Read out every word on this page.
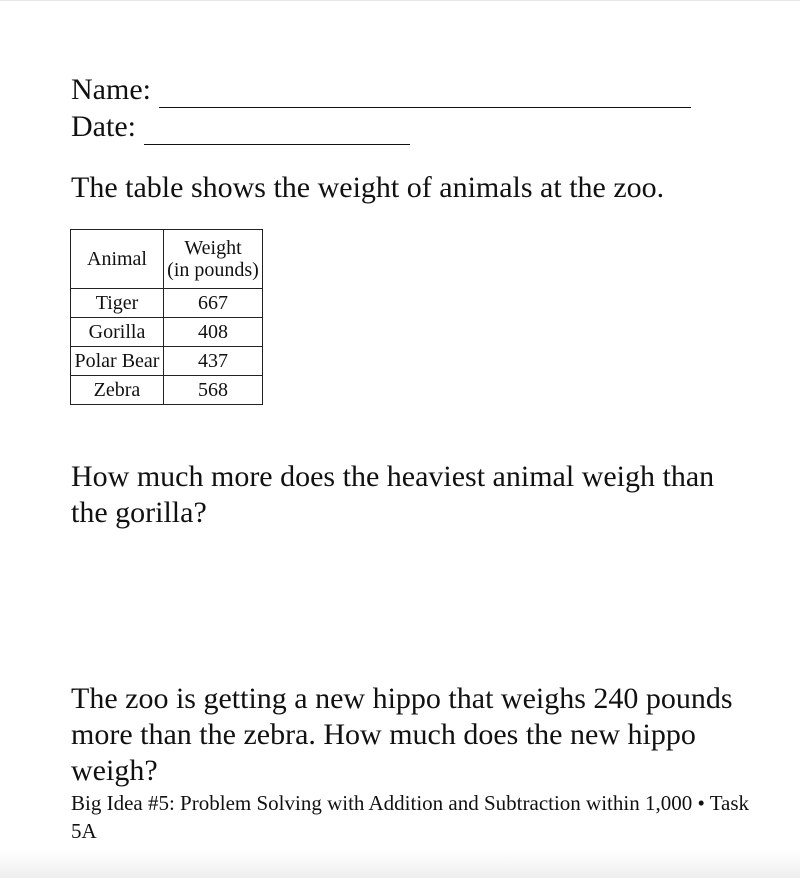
Name:
Date:
The table shows the weight of animals at the zoo.
Animal	Weight
(in pounds)
Tiger	667
Gorilla	408
Polar Bear	437
Zebra	568
How much more does the heaviest animal weigh than the gorilla?
The zoo is getting a new hippo that weighs 240 pounds more than the zebra. How much does the new hippo weigh?
Big Idea #5: Problem Solving with Addition and Subtraction within 1,000 • Task 5A
